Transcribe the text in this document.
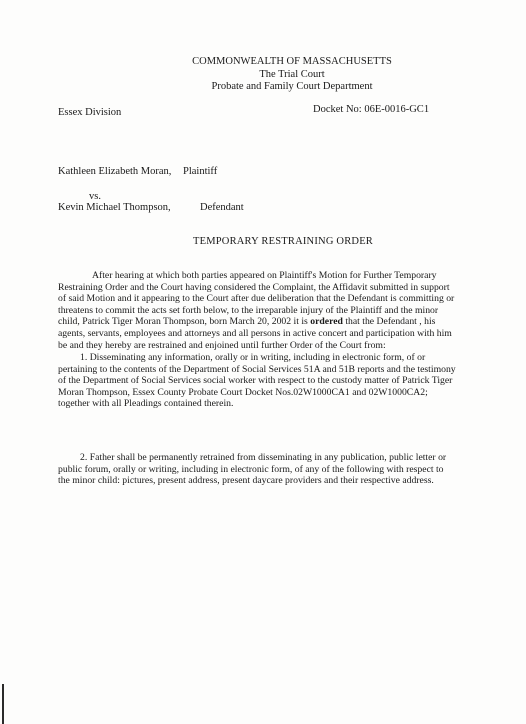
COMMONWEALTH OF MASSACHUSETTS
The Trial Court
Probate and Family Court Department
Essex Division	Docket No: 06E-0016-GC1
Kathleen Elizabeth Moran, Plaintiff
vs.
Kevin Michael Thompson,	Defendant
TEMPORARY RESTRAINING ORDER
After hearing at which both parties appeared on Plaintiff's Motion for Further Temporary Restraining Order and the Court having considered the Complaint, the Affidavit submitted in support of said Motion and it appearing to the Court after due deliberation that the Defendant is committing or threatens to commit the acts set forth below, to the irreparable injury of the Plaintiff and the minor child, Patrick Tiger Moran Thompson, born March 20, 2002 it is ordered that the Defendant , his agents, servants, employees and attorneys and all persons in active concert and participation with him be and they hereby are restrained and enjoined until further Order of the Court from:
1. Disseminating any information, orally or in writing, including in electronic form, of or pertaining to the contents of the Department of Social Services 51A and 51B reports and the testimony of the Department of Social Services social worker with respect to the custody matter of Patrick Tiger Moran Thompson, Essex County Probate Court Docket Nos.02W1000CA1 and 02W1000CA2; together with all Pleadings contained therein.
2. Father shall be permanently retrained from disseminating in any publication, public letter or public forum, orally or writing, including in electronic form, of any of the following with respect to the minor child: pictures, present address, present daycare providers and their respective address.
